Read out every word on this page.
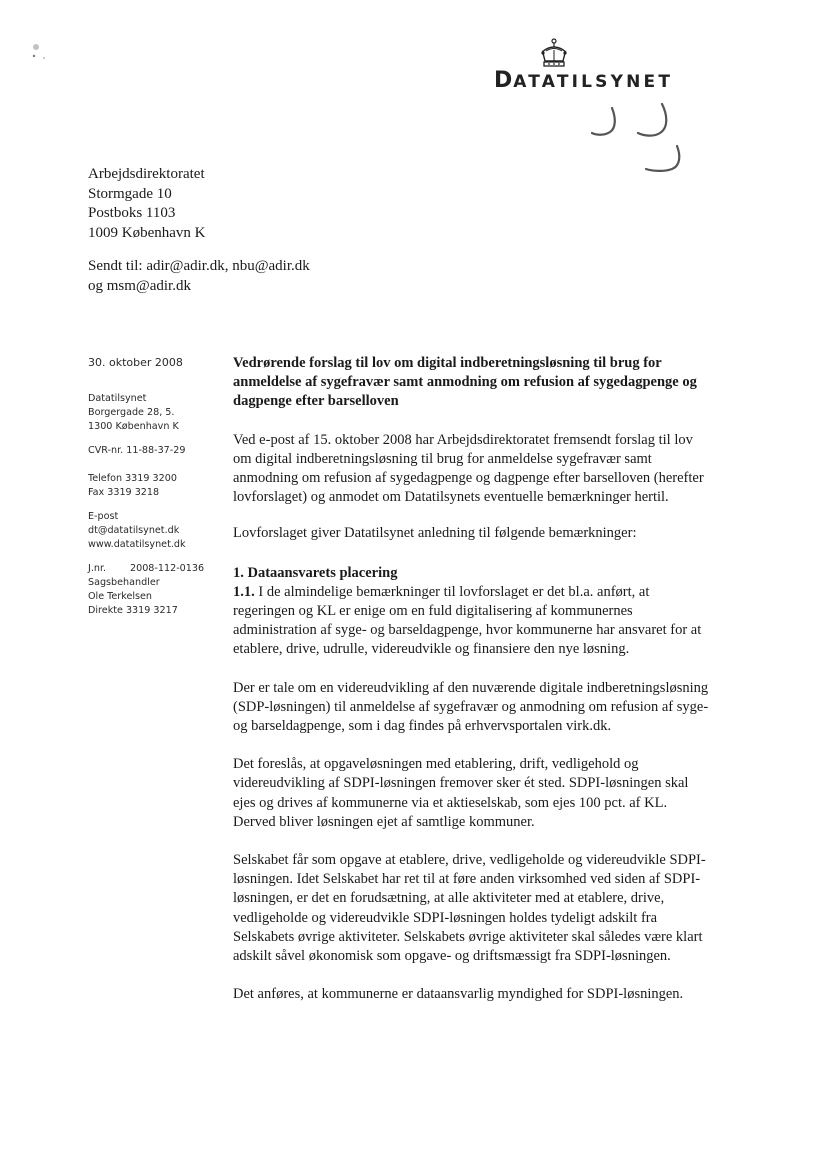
DATATILSYNET
Arbejdsdirektoratet
Stormgade 10
Postboks 1103
1009 København K
Sendt til: adir@adir.dk, nbu@adir.dk
og msm@adir.dk
30. oktober 2008
Datatilsynet
Borgergade 28, 5.
1300 København K
CVR-nr. 11-88-37-29
Telefon 3319 3200
Fax 3319 3218
E-post
dt@datatilsynet.dk
www.datatilsynet.dk
J.nr.	2008-112-0136
Sagsbehandler
Ole Terkelsen
Direkte 3319 3217

Vedrørende forslag til lov om digital indberetningsløsning til brug for anmeldelse af sygefravær samt anmodning om refusion af sygedagpenge og dagpenge efter barselloven

Ved e-post af 15. oktober 2008 har Arbejdsdirektoratet fremsendt forslag til lov om digital indberetningsløsning til brug for anmeldelse sygefravær samt anmodning om refusion af sygedagpenge og dagpenge efter barselloven (herefter lovforslaget) og anmodet om Datatilsynets eventuelle bemærkninger hertil.

Lovforslaget giver Datatilsynet anledning til følgende bemærkninger:

1. Dataansvarets placering

1.1. I de almindelige bemærkninger til lovforslaget er det bl.a. anført, at regeringen og KL er enige om en fuld digitalisering af kommunernes administration af syge- og barseldagpenge, hvor kommunerne har ansvaret for at etablere, drive, udrulle, videreudvikle og finansiere den nye løsning.

Der er tale om en videreudvikling af den nuværende digitale indberetningsløsning (SDP-løsningen) til anmeldelse af sygefravær og anmodning om refusion af syge- og barseldagpenge, som i dag findes på erhvervsportalen virk.dk.

Det foreslås, at opgaveløsningen med etablering, drift, vedligehold og videreudvikling af SDPI-løsningen fremover sker ét sted. SDPI-løsningen skal ejes og drives af kommunerne via et aktieselskab, som ejes 100 pct. af KL. Derved bliver løsningen ejet af samtlige kommuner.

Selskabet får som opgave at etablere, drive, vedligeholde og videreudvikle SDPI-løsningen. Idet Selskabet har ret til at føre anden virksomhed ved siden af SDPI-løsningen, er det en forudsætning, at alle aktiviteter med at etablere, drive, vedligeholde og videreudvikle SDPI-løsningen holdes tydeligt adskilt fra Selskabets øvrige aktiviteter. Selskabets øvrige aktiviteter skal således være klart adskilt såvel økonomisk som opgave- og driftsmæssigt fra SDPI-løsningen.

Det anføres, at kommunerne er dataansvarlig myndighed for SDPI-løsningen.
